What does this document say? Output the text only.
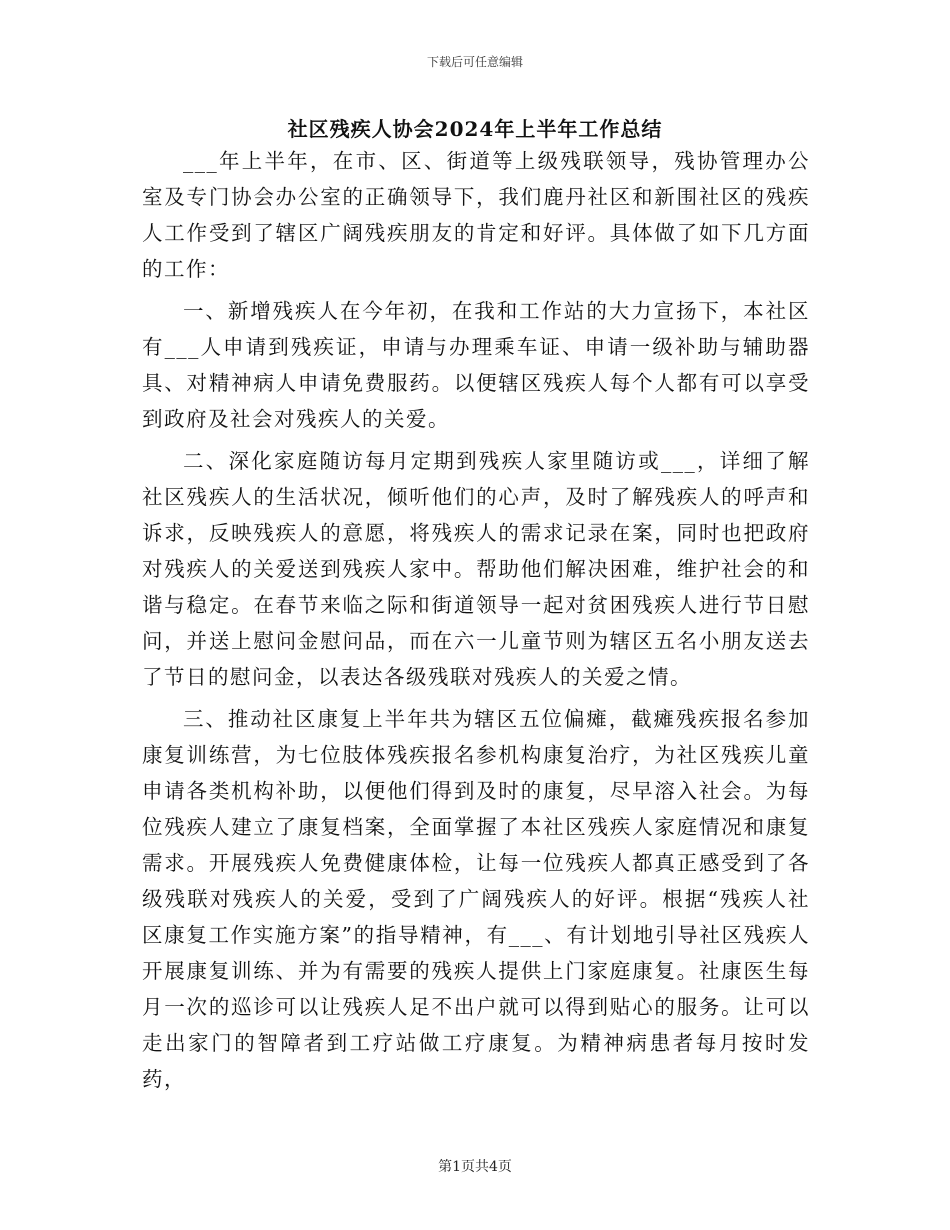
下载后可任意编辑
社区残疾人协会2024年上半年工作总结

___年上半年，在市、区、街道等上级残联领导，残协管理办公室及专门协会办公室的正确领导下，我们鹿丹社区和新围社区的残疾人工作受到了辖区广阔残疾朋友的肯定和好评。具体做了如下几方面的工作：

一、新增残疾人在今年初，在我和工作站的大力宣扬下，本社区有___人申请到残疾证，申请与办理乘车证、申请一级补助与辅助器具、对精神病人申请免费服药。以便辖区残疾人每个人都有可以享受到政府及社会对残疾人的关爱。

二、深化家庭随访每月定期到残疾人家里随访或___，详细了解社区残疾人的生活状况，倾听他们的心声，及时了解残疾人的呼声和诉求，反映残疾人的意愿，将残疾人的需求记录在案，同时也把政府对残疾人的关爱送到残疾人家中。帮助他们解决困难，维护社会的和谐与稳定。在春节来临之际和街道领导一起对贫困残疾人进行节日慰问，并送上慰问金慰问品，而在六一儿童节则为辖区五名小朋友送去了节日的慰问金，以表达各级残联对残疾人的关爱之情。

三、推动社区康复上半年共为辖区五位偏瘫，截瘫残疾报名参加康复训练营，为七位肢体残疾报名参机构康复治疗，为社区残疾儿童申请各类机构补助，以便他们得到及时的康复，尽早溶入社会。为每位残疾人建立了康复档案，全面掌握了本社区残疾人家庭情况和康复需求。开展残疾人免费健康体检，让每一位残疾人都真正感受到了各级残联对残疾人的关爱，受到了广阔残疾人的好评。根据“残疾人社区康复工作实施方案”的指导精神，有___、有计划地引导社区残疾人开展康复训练、并为有需要的残疾人提供上门家庭康复。社康医生每月一次的巡诊可以让残疾人足不出户就可以得到贴心的服务。让可以走出家门的智障者到工疗站做工疗康复。为精神病患者每月按时发药，

第1页共4页
